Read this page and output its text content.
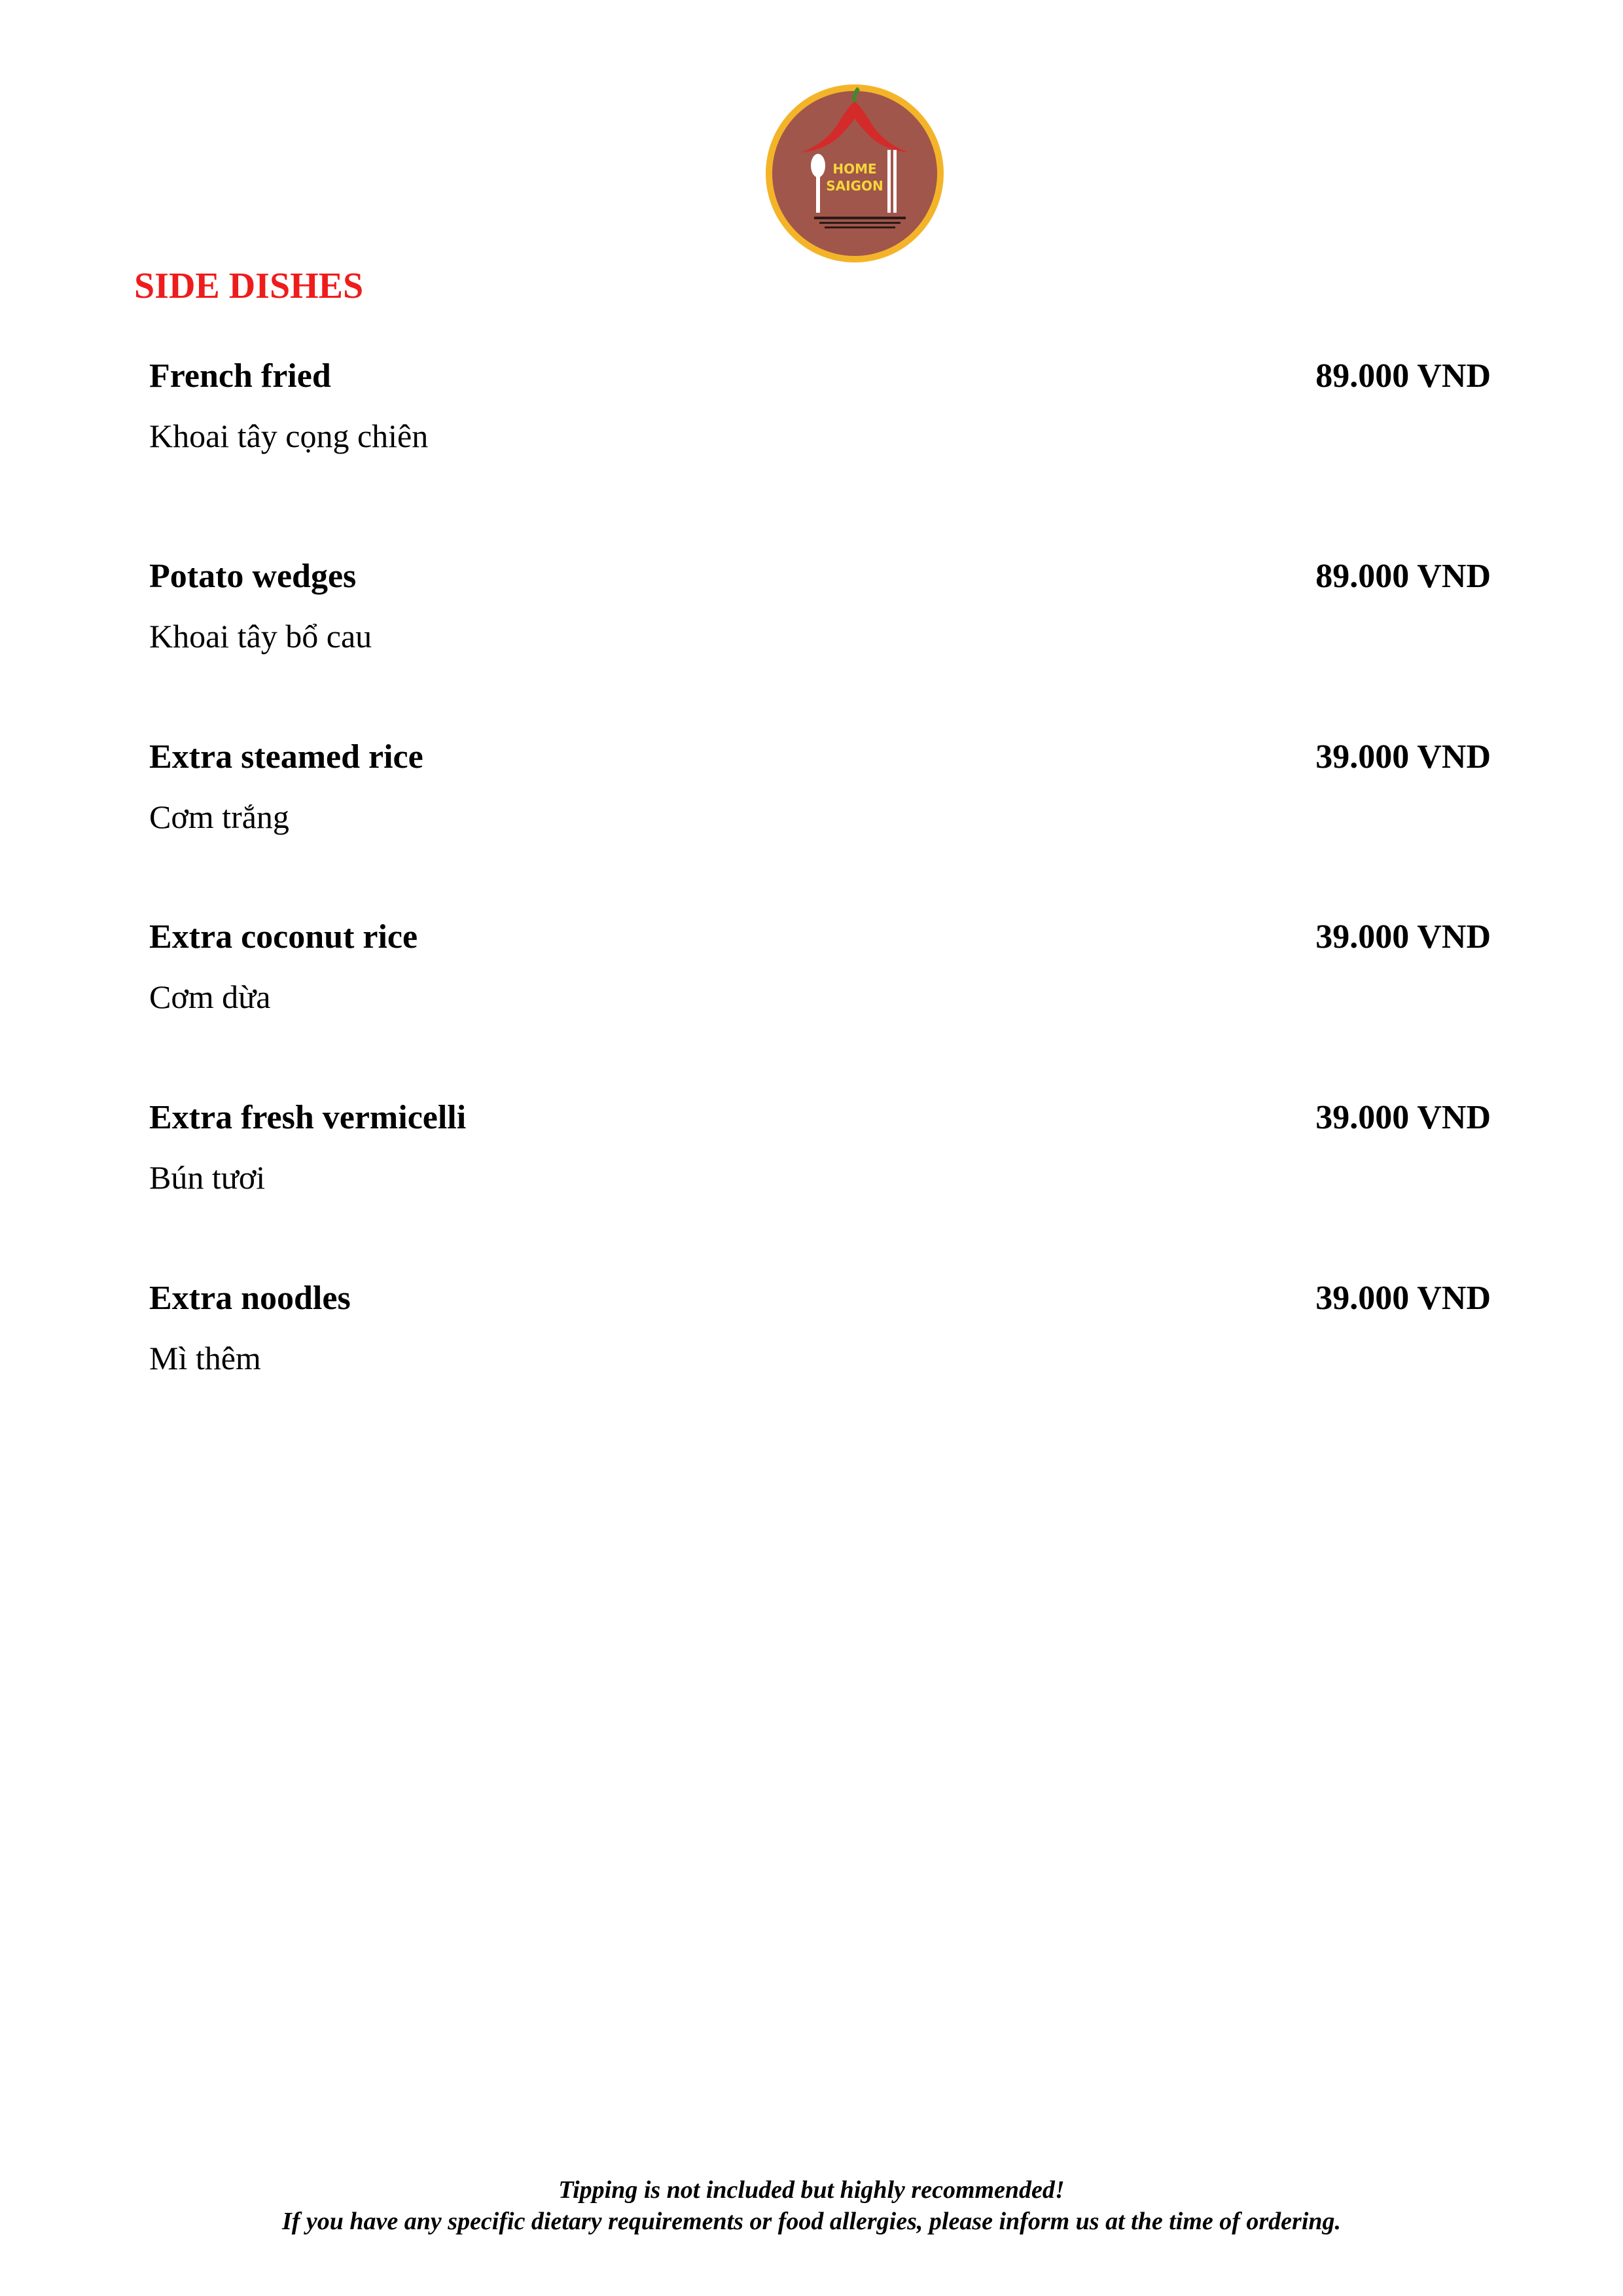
HOME
SAIGON
SIDE DISHES
French fried	89.000 VND
Khoai tây cọng chiên
Potato wedges	89.000 VND
Khoai tây bổ cau
Extra steamed rice	39.000 VND
Cơm trắng
Extra coconut rice	39.000 VND
Cơm dừa
Extra fresh vermicelli	39.000 VND
Bún tươi
Extra noodles	39.000 VND
Mì thêm
Tipping is not included but highly recommended!
If you have any specific dietary requirements or food allergies, please inform us at the time of ordering.
